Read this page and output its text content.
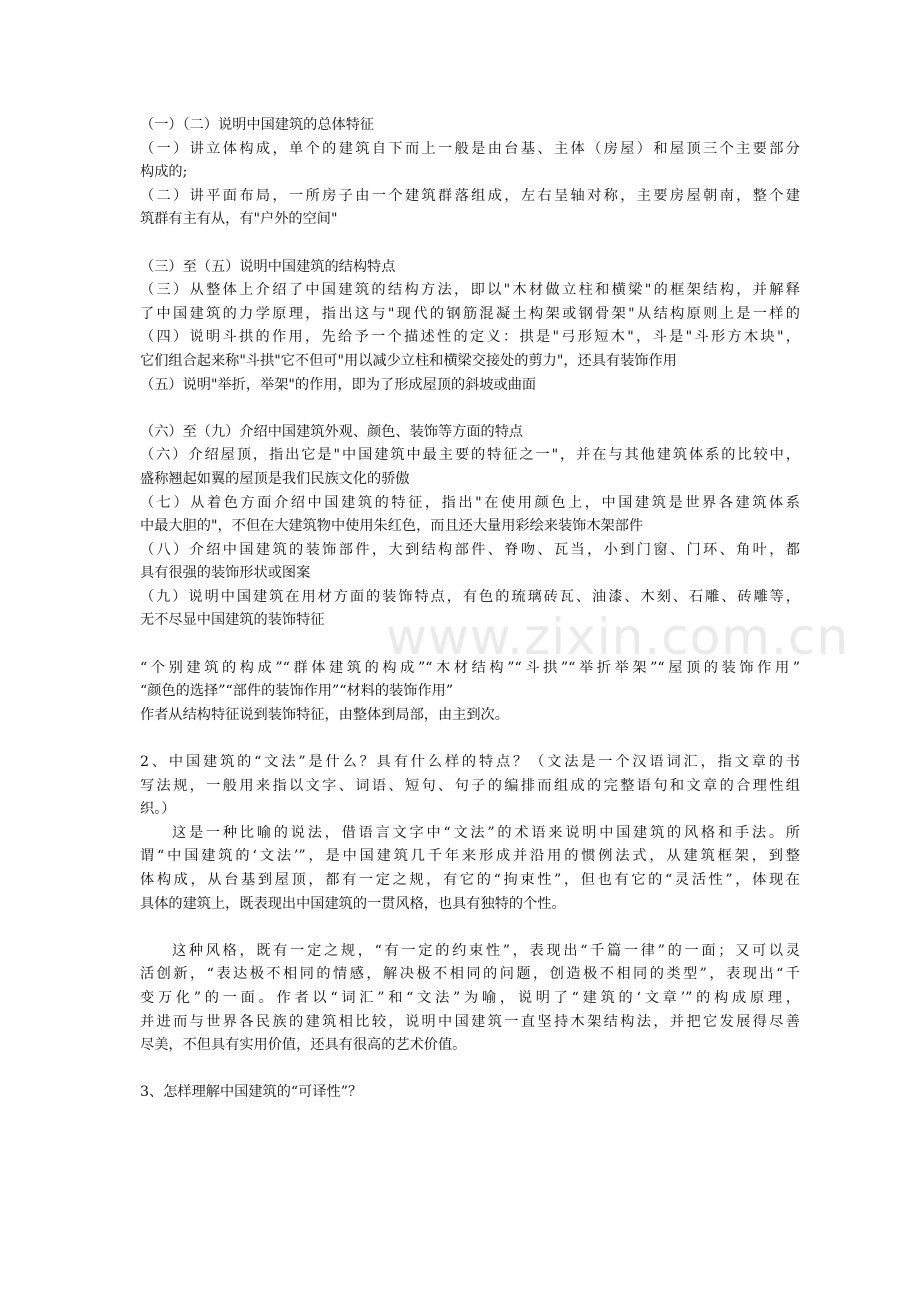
（一）（二）说明中国建筑的总体特征
（一）讲立体构成，单个的建筑自下而上一般是由台基、主体（房屋）和屋顶三个主要部分
构成的;
（二）讲平面布局，一所房子由一个建筑群落组成，左右呈轴对称，主要房屋朝南，整个建
筑群有主有从，有"户外的空间"
（三）至（五）说明中国建筑的结构特点
（三）从整体上介绍了中国建筑的结构方法，即以"木材做立柱和横梁"的框架结构，并解释
了中国建筑的力学原理，指出这与"现代的钢筋混凝土构架或钢骨架"从结构原则上是一样的
（四）说明斗拱的作用，先给予一个描述性的定义：拱是"弓形短木"，斗是"斗形方木块"，
它们组合起来称"斗拱"它不但可"用以减少立柱和横梁交接处的剪力"，还具有装饰作用
（五）说明"举折，举架"的作用，即为了形成屋顶的斜坡或曲面
（六）至（九）介绍中国建筑外观、颜色、装饰等方面的特点
（六）介绍屋顶，指出它是"中国建筑中最主要的特征之一"，并在与其他建筑体系的比较中，
盛称翘起如翼的屋顶是我们民族文化的骄傲
（七）从着色方面介绍中国建筑的特征，指出"在使用颜色上，中国建筑是世界各建筑体系
中最大胆的"，不但在大建筑物中使用朱红色，而且还大量用彩绘来装饰木架部件
（八）介绍中国建筑的装饰部件，大到结构部件、脊吻、瓦当，小到门窗、门环、角叶，都
具有很强的装饰形状或图案
（九）说明中国建筑在用材方面的装饰特点，有色的琉璃砖瓦、油漆、木刻、石雕、砖雕等，
无不尽显中国建筑的装饰特征
“个别建筑的构成”“群体建筑的构成”“木材结构”“斗拱”“举折举架”“屋顶的装饰作用”
“颜色的选择”“部件的装饰作用”“材料的装饰作用”
作者从结构特征说到装饰特征，由整体到局部，由主到次。
2、中国建筑的“文法”是什么？具有什么样的特点？（文法是一个汉语词汇，指文章的书
写法规，一般用来指以文字、词语、短句、句子的编排而组成的完整语句和文章的合理性组
织。）
这是一种比喻的说法，借语言文字中“文法”的术语来说明中国建筑的风格和手法。所
谓“中国建筑的‘文法’”，是中国建筑几千年来形成并沿用的惯例法式，从建筑框架，到整
体构成，从台基到屋顶，都有一定之规，有它的“拘束性”，但也有它的“灵活性”，体现在
具体的建筑上，既表现出中国建筑的一贯风格，也具有独特的个性。
这种风格，既有一定之规，“有一定的约束性”，表现出“千篇一律”的一面；又可以灵
活创新，“表达极不相同的情感，解决极不相同的问题，创造极不相同的类型”，表现出“千
变万化”的一面。作者以“词汇”和“文法”为喻，说明了“建筑的‘文章’”的构成原理，
并进而与世界各民族的建筑相比较，说明中国建筑一直坚持木架结构法，并把它发展得尽善
尽美，不但具有实用价值，还具有很高的艺术价值。
3、怎样理解中国建筑的“可译性”？
www.zixin.com.cn
